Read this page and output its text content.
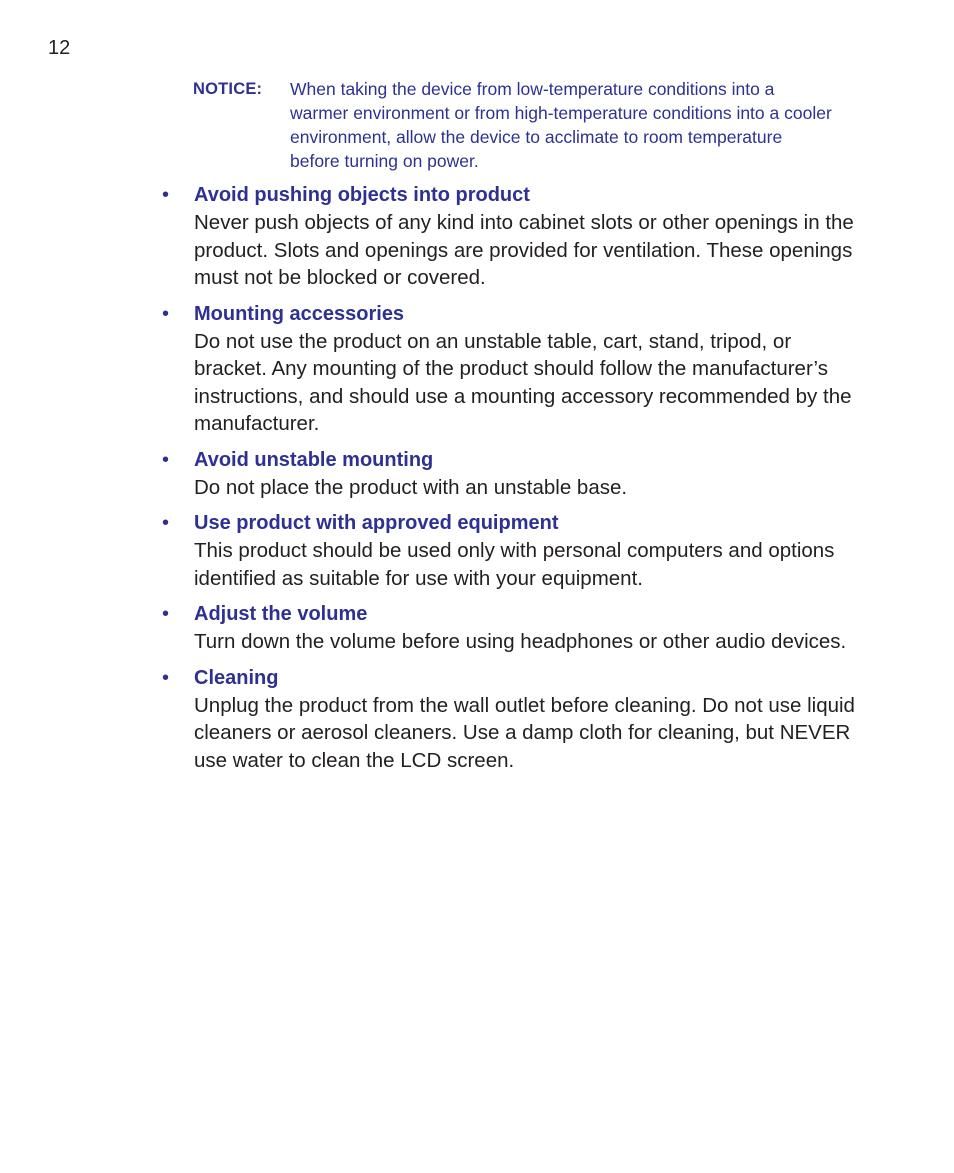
12
NOTICE:	When taking the device from low-temperature conditions into a warmer environment or from high-temperature conditions into a cooler environment, allow the device to acclimate to room temperature before turning on power.
• Avoid pushing objects into product
Never push objects of any kind into cabinet slots or other openings in the product. Slots and openings are provided for ventilation. These openings must not be blocked or covered.
• Mounting accessories
Do not use the product on an unstable table, cart, stand, tripod, or bracket. Any mounting of the product should follow the manufacturer’s instructions, and should use a mounting accessory recommended by the manufacturer.
• Avoid unstable mounting
Do not place the product with an unstable base.
• Use product with approved equipment
This product should be used only with personal computers and options identified as suitable for use with your equipment.
• Adjust the volume
Turn down the volume before using headphones or other audio devices.
• Cleaning
Unplug the product from the wall outlet before cleaning. Do not use liquid cleaners or aerosol cleaners. Use a damp cloth for cleaning, but NEVER use water to clean the LCD screen.
